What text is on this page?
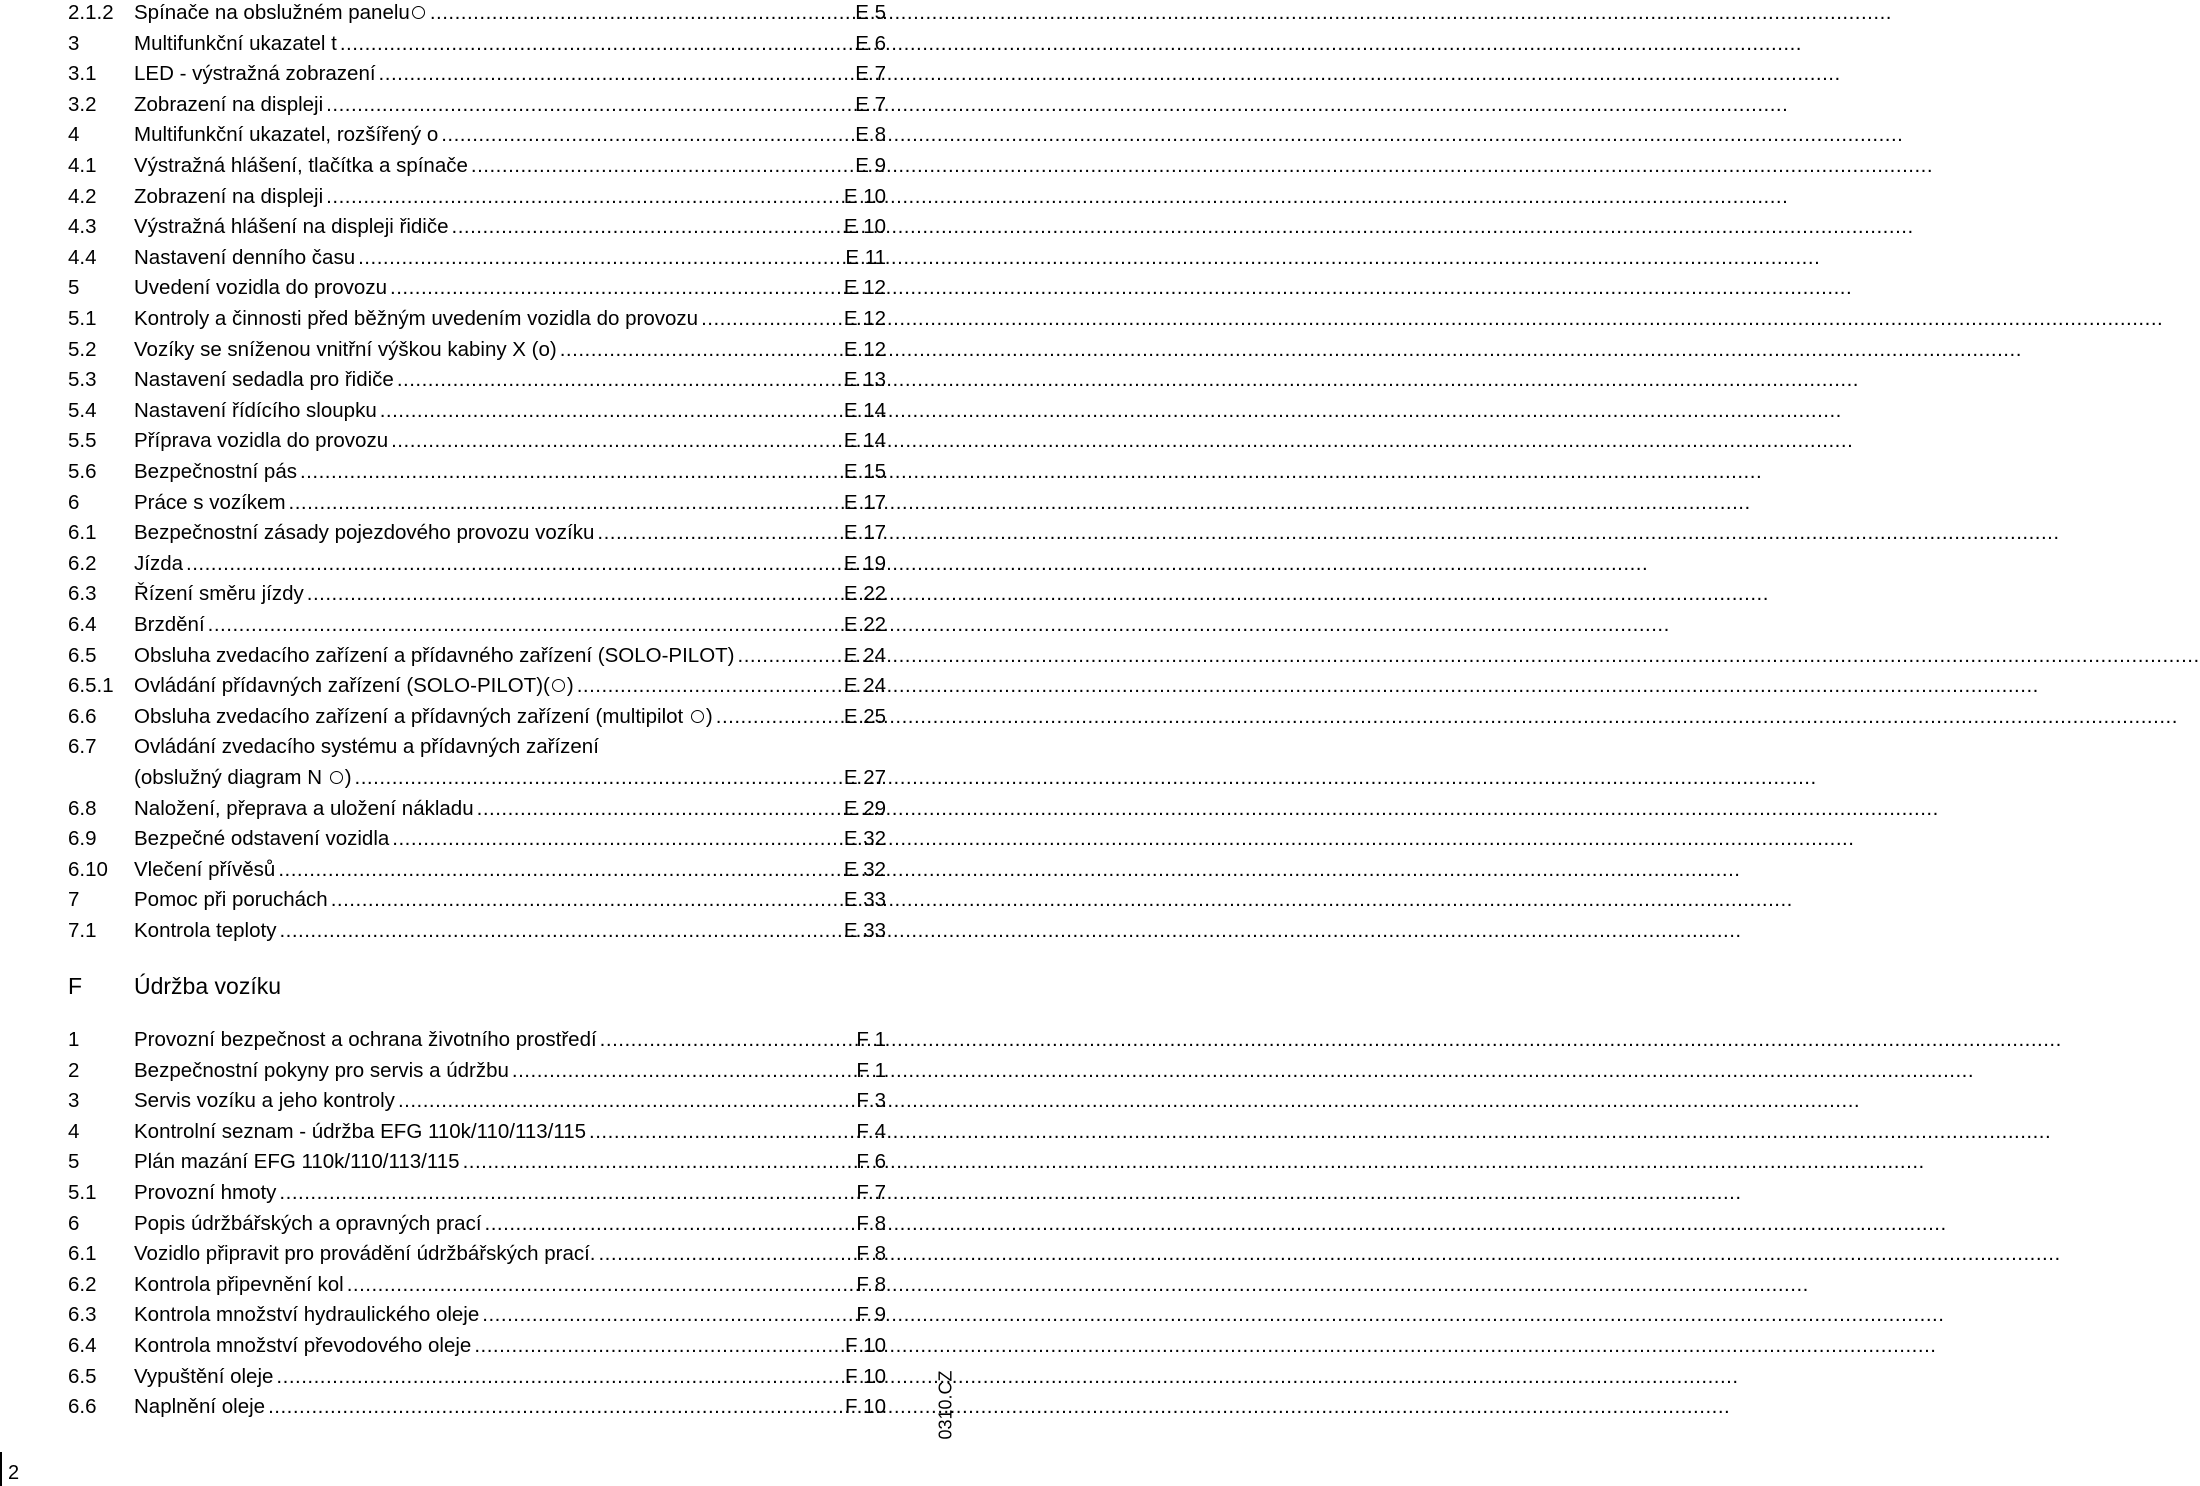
2.1.2 Spínače na obslužném panelu .....	E 5
3	Multifunkční ukazatel t .....	E 6
3.1	LED - výstražná zobrazení .....	E 7
3.2	Zobrazení na displeji .....	E 7
4	Multifunkční ukazatel, rozšířený o .....	E 8
4.1	Výstražná hlášení, tlačítka a spínače .....	E 9
4.2	Zobrazení na displeji .....	E 10
4.3	Výstražná hlášení na displeji řidiče .....	E 10
4.4	Nastavení denního času .....	E 11
5	Uvedení vozidla do provozu .....	E 12
5.1	Kontroly a činnosti před běžným uvedením vozidla do provozu .....	E 12
5.2	Vozíky se sníženou vnitřní výškou kabiny X (o) .....	E 12
5.3	Nastavení sedadla pro řidiče .....	E 13
5.4	Nastavení řídícího sloupku .....	E 14
5.5	Příprava vozidla do provozu .....	E 14
5.6	Bezpečnostní pás .....	E 15
6	Práce s vozíkem .....	E 17
6.1	Bezpečnostní zásady pojezdového provozu vozíku .....	E 17
6.2	Jízda .....	E 19
6.3	Řízení směru jízdy .....	E 22
6.4	Brzdění .....	E 22
6.5	Obsluha zvedacího zařízení a přídavného zařízení (SOLO-PILOT) .....	E 24
6.5.1 Ovládání přídavných zařízení (SOLO-PILOT)( ) .....	E 24
6.6	Obsluha zvedacího zařízení a přídavných zařízení (multipilot ) .....	E 25
6.7	Ovládání zvedacího systému a přídavných zařízení
(obslužný diagram N ) .....	E 27
6.8	Naložení, přeprava a uložení nákladu .....	E 29
6.9	Bezpečné odstavení vozidla .....	E 32
6.10	Vlečení přívěsů .....	E 32
7	Pomoc při poruchách .....	E 33
7.1	Kontrola teploty .....	E 33
F	Údržba vozíku
1	Provozní bezpečnost a ochrana životního prostředí .....	F 1
2	Bezpečnostní pokyny pro servis a údržbu .....	F 1
3	Servis vozíku a jeho kontroly .....	F 3
4	Kontrolní seznam - údržba EFG 110k/110/113/115 .....	F 4
5	Plán mazání EFG 110k/110/113/115 .....	F 6
5.1	Provozní hmoty .....	F 7
6	Popis údržbářských a opravných prací .....	F 8
6.1	Vozidlo připravit pro provádění údržbářských prací. .....	F 8
6.2	Kontrola připevnění kol .....	F 8
6.3	Kontrola množství hydraulického oleje .....	F 9
6.4	Kontrola množství převodového oleje .....	F 10
6.5	Vypuštění oleje .....	F 10
6.6	Naplnění oleje .....	F 10	0310.CZ
2
